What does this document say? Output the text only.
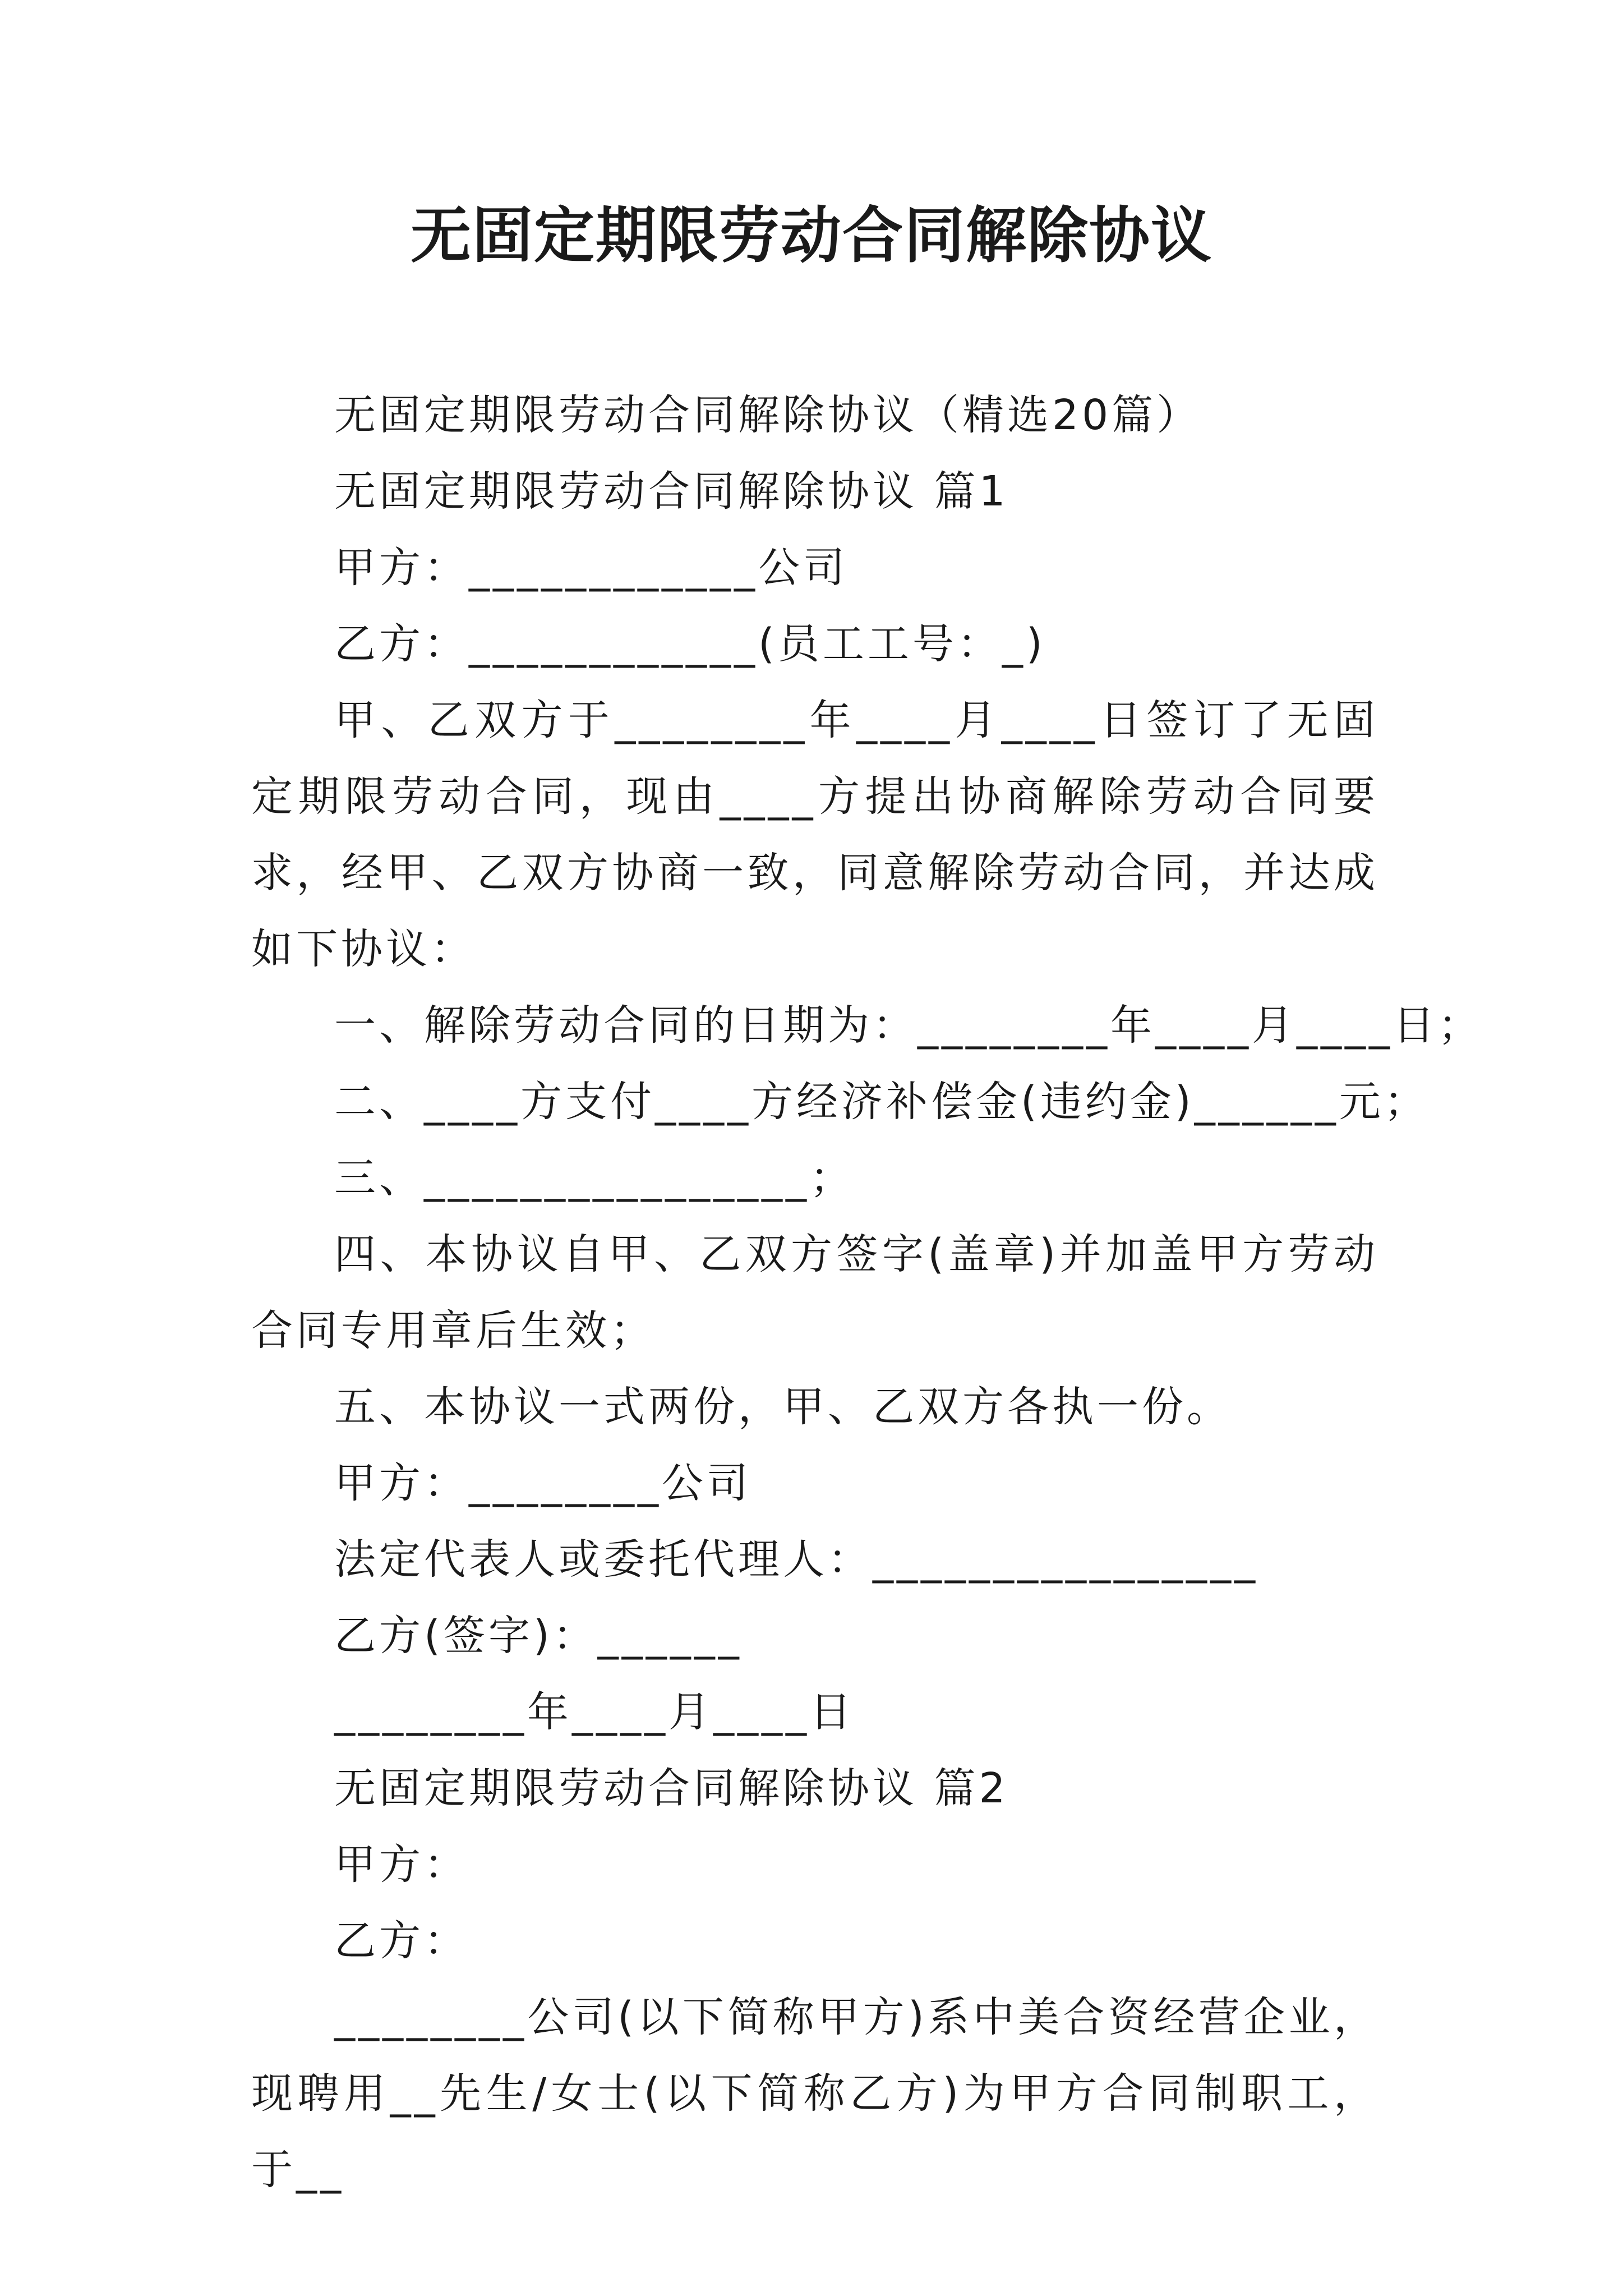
无固定期限劳动合同解除协议

无固定期限劳动合同解除协议（精选20篇）

无固定期限劳动合同解除协议 篇1

甲方：____________公司

乙方：____________(员工工号：_)

甲、乙双方于________年____月____日签订了无固定期限劳动合同，现由____方提出协商解除劳动合同要求，经甲、乙双方协商一致，同意解除劳动合同，并达成如下协议：

一、解除劳动合同的日期为：________年____月____日；

二、____方支付____方经济补偿金(违约金)______元；

三、________________；

四、本协议自甲、乙双方签字(盖章)并加盖甲方劳动合同专用章后生效；

五、本协议一式两份，甲、乙双方各执一份。

甲方：________公司

法定代表人或委托代理人：________________

乙方(签字)：______

________年____月____日

无固定期限劳动合同解除协议 篇2

甲方：

乙方：

________公司(以下简称甲方)系中美合资经营企业，现聘用__先生/女士(以下简称乙方)为甲方合同制职工，于__
